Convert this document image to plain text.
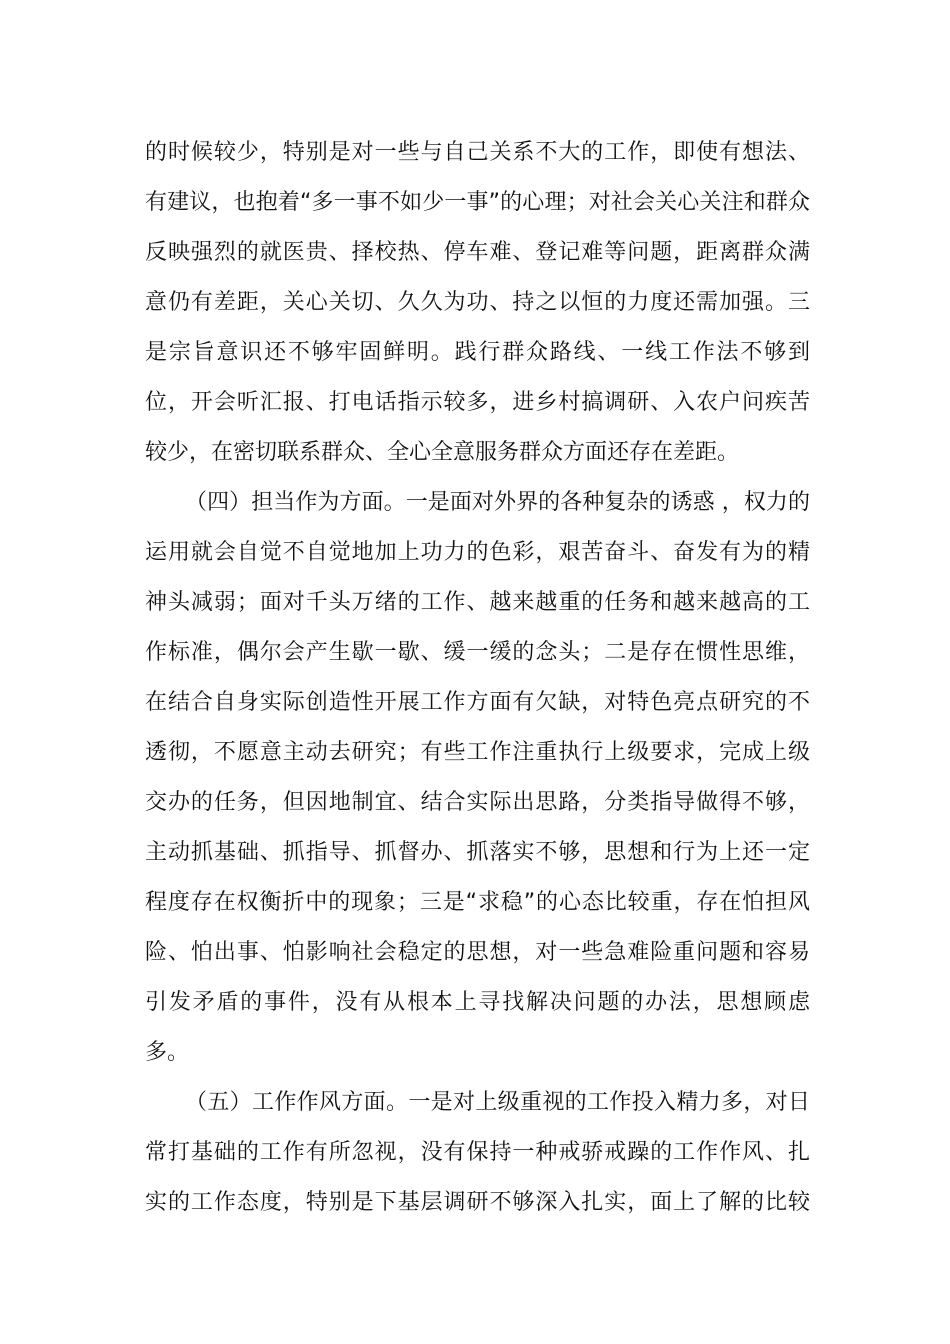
的时候较少，特别是对一些与自己关系不大的工作，即使有想法、
有建议，也抱着“多一事不如少一事”的心理；对社会关心关注和群众
反映强烈的就医贵、择校热、停车难、登记难等问题，距离群众满
意仍有差距，关心关切、久久为功、持之以恒的力度还需加强。三
是宗旨意识还不够牢固鲜明。践行群众路线、一线工作法不够到
位，开会听汇报、打电话指示较多，进乡村搞调研、入农户问疾苦
较少，在密切联系群众、全心全意服务群众方面还存在差距。
（四）担当作为方面。一是面对外界的各种复杂的诱惑 ，权力的
运用就会自觉不自觉地加上功力的色彩，艰苦奋斗、奋发有为的精
神头减弱；面对千头万绪的工作、越来越重的任务和越来越高的工
作标准，偶尔会产生歇一歇、缓一缓的念头；二是存在惯性思维，
在结合自身实际创造性开展工作方面有欠缺，对特色亮点研究的不
透彻，不愿意主动去研究；有些工作注重执行上级要求，完成上级
交办的任务，但因地制宜、结合实际出思路，分类指导做得不够，
主动抓基础、抓指导、抓督办、抓落实不够，思想和行为上还一定
程度存在权衡折中的现象；三是“求稳”的心态比较重，存在怕担风
险、怕出事、怕影响社会稳定的思想，对一些急难险重问题和容易
引发矛盾的事件，没有从根本上寻找解决问题的办法，思想顾虑
多。
（五）工作作风方面。一是对上级重视的工作投入精力多，对日
常打基础的工作有所忽视，没有保持一种戒骄戒躁的工作作风、扎
实的工作态度，特别是下基层调研不够深入扎实，面上了解的比较
